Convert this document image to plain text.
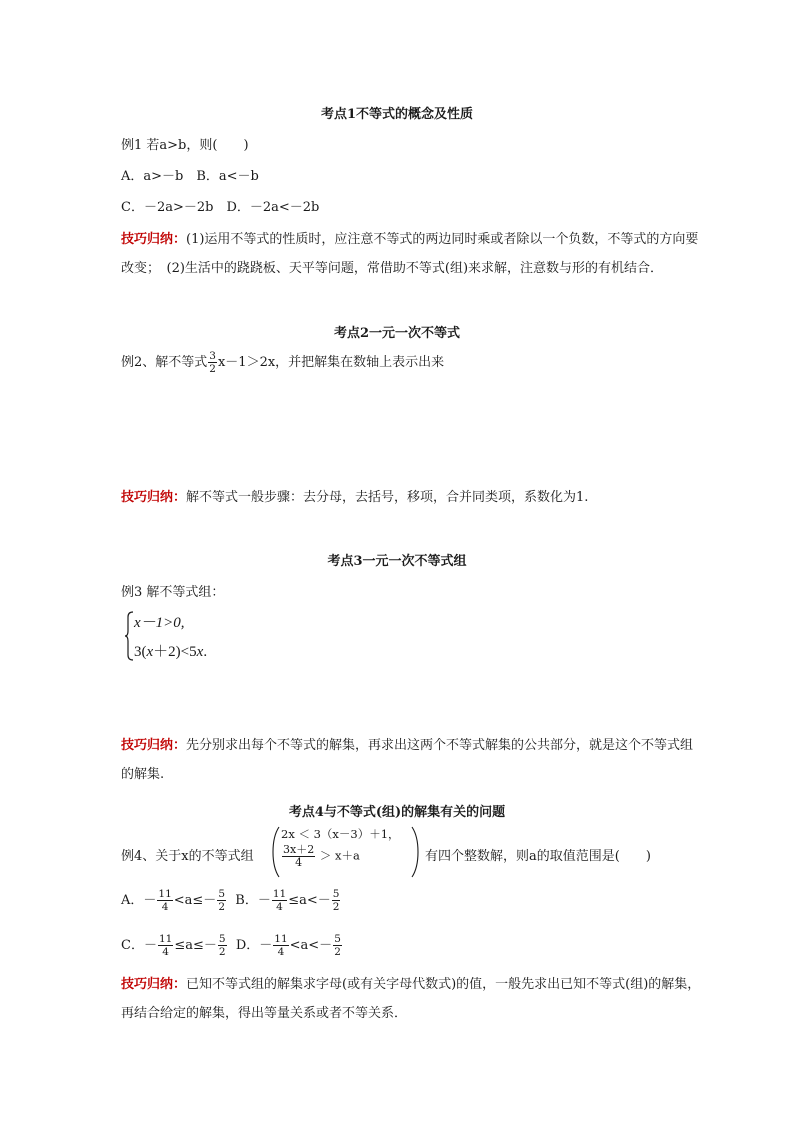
考点1不等式的概念及性质
例1 若a>b，则(　　)
A．a>－b　B．a<－b
C．－2a>－2b　D．－2a<－2b
技巧归纳：(1)运用不等式的性质时，应注意不等式的两边同时乘或者除以一个负数，不等式的方向要改变；　(2)生活中的跷跷板、天平等问题，常借助不等式(组)来求解，注意数与形的有机结合．
考点2一元一次不等式
例2、解不等式 $\frac{3}{2} x-1>2x$，并把解集在数轴上表示出来
技巧归纳：解不等式一般步骤：去分母，去括号，移项，合并同类项，系数化为1.
考点3一元一次不等式组
例3 解不等式组：
x－1>0,
3(x＋2)<5x.
技巧归纳：先分别求出每个不等式的解集，再求出这两个不等式解集的公共部分，就是这个不等式组的解集.
考点4与不等式(组)的解集有关的问题
例4、关于x的不等式组
2x ＜ 3（x－3）＋1，
$\frac{3x+2}{4} > x+a$	有四个整数解，则a的取值范围是(　　)
A．－ $\frac{11}{4} <a\le- \frac{5}{2}$ B．－ $\frac{11}{4} \le a<- \frac{5}{2}$
C．－ $\frac{11}{4} \le a\le- \frac{5}{2}$ D．－ $\frac{11}{4} <a<- \frac{5}{2}$
技巧归纳：已知不等式组的解集求字母(或有关字母代数式)的值，一般先求出已知不等式(组)的解集，再结合给定的解集，得出等量关系或者不等关系．
